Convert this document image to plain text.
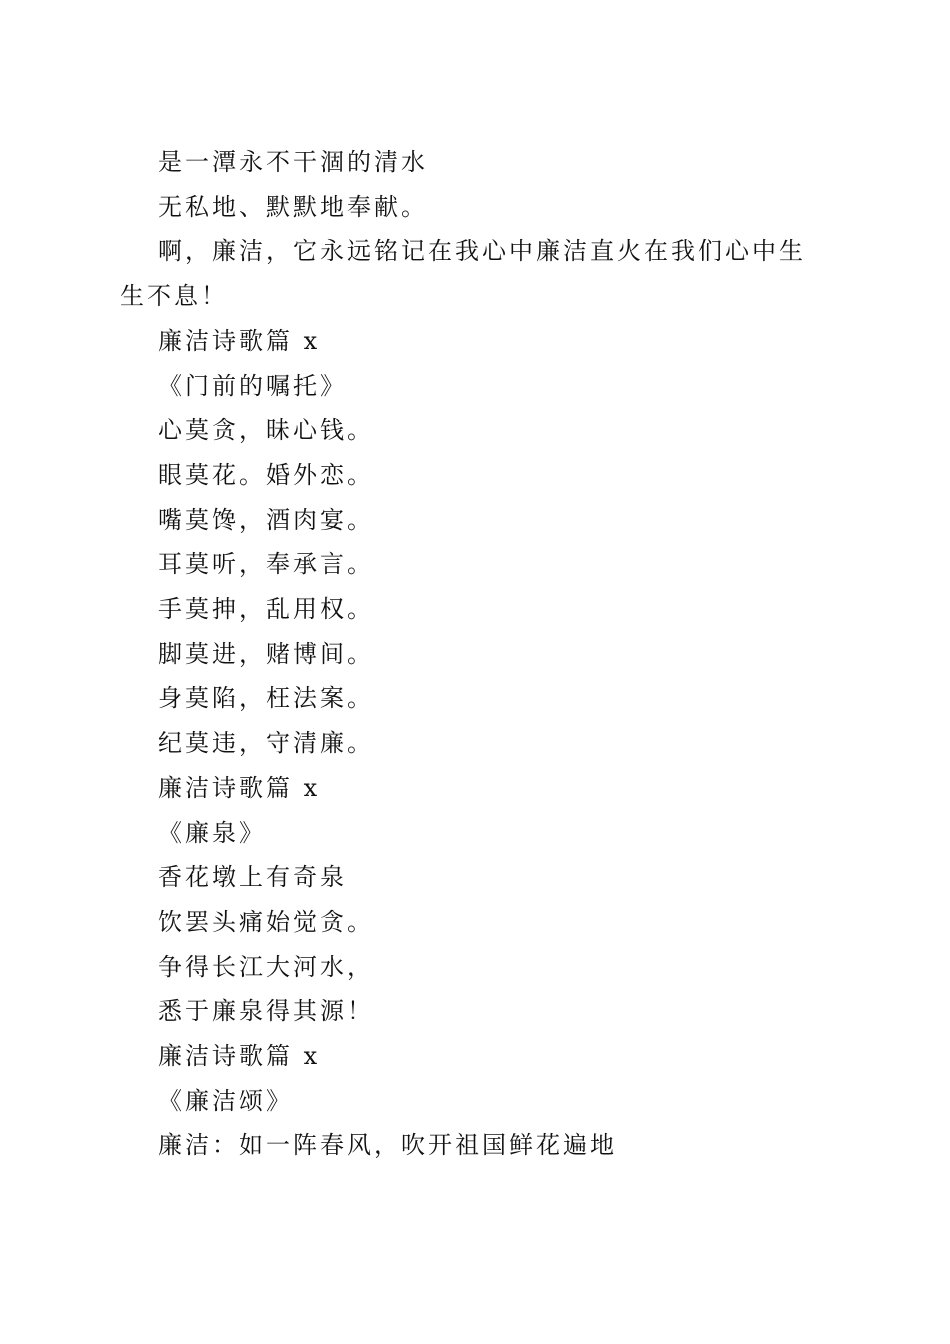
是一潭永不干涸的清水

无私地、默默地奉献。

啊，廉洁，它永远铭记在我心中廉洁直火在我们心中生生不息！

廉洁诗歌篇 x

《门前的嘱托》

心莫贪，昧心钱。

眼莫花。婚外恋。

嘴莫馋，酒肉宴。

耳莫听，奉承言。

手莫抻，乱用权。

脚莫进，赌博间。

身莫陷，枉法案。

纪莫违，守清廉。

廉洁诗歌篇 x

《廉泉》

香花墩上有奇泉

饮罢头痛始觉贪。

争得长江大河水，

悉于廉泉得其源！

廉洁诗歌篇 x

《廉洁颂》

廉洁：如一阵春风，吹开祖国鲜花遍地
